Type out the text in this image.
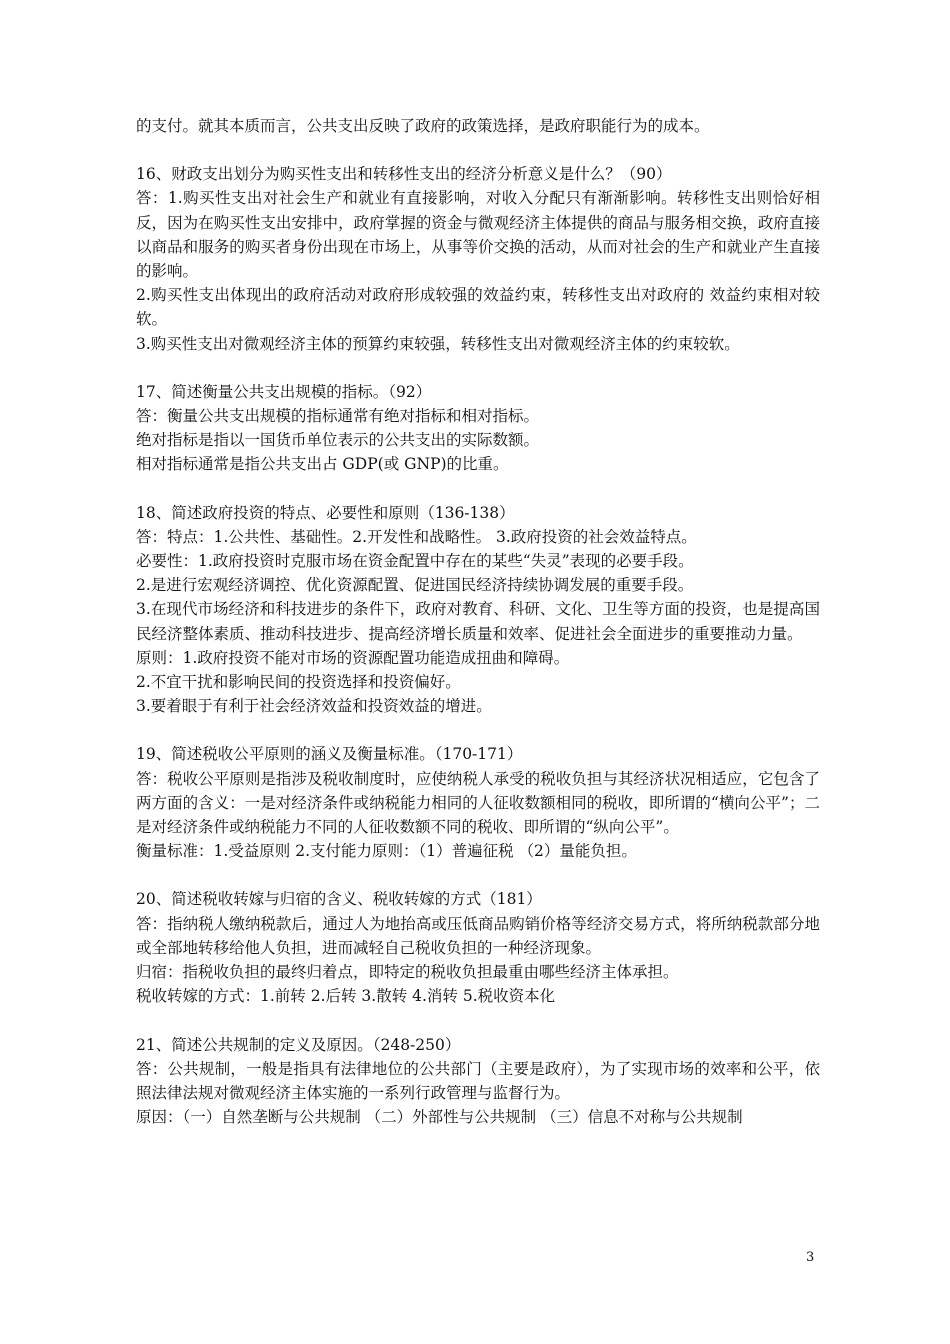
的支付。就其本质而言，公共支出反映了政府的政策选择，是政府职能行为的成本。

16、财政支出划分为购买性支出和转移性支出的经济分析意义是什么？（90）

答：1.购买性支出对社会生产和就业有直接影响，对收入分配只有渐渐影响。转移性支出则恰好相反，因为在购买性支出安排中，政府掌握的资金与微观经济主体提供的商品与服务相交换，政府直接以商品和服务的购买者身份出现在市场上，从事等价交换的活动，从而对社会的生产和就业产生直接的影响。

2.购买性支出体现出的政府活动对政府形成较强的效益约束，转移性支出对政府的 效益约束相对较软。

3.购买性支出对微观经济主体的预算约束较强，转移性支出对微观经济主体的约束较软。

17、简述衡量公共支出规模的指标。（92）

答：衡量公共支出规模的指标通常有绝对指标和相对指标。

绝对指标是指以一国货币单位表示的公共支出的实际数额。

相对指标通常是指公共支出占 GDP(或 GNP)的比重。

18、简述政府投资的特点、必要性和原则（136-138）

答：特点：1.公共性、基础性。2.开发性和战略性。 3.政府投资的社会效益特点。

必要性：1.政府投资时克服市场在资金配置中存在的某些“失灵”表现的必要手段。

2.是进行宏观经济调控、优化资源配置、促进国民经济持续协调发展的重要手段。

3.在现代市场经济和科技进步的条件下，政府对教育、科研、文化、卫生等方面的投资，也是提高国民经济整体素质、推动科技进步、提高经济增长质量和效率、促进社会全面进步的重要推动力量。

原则：1.政府投资不能对市场的资源配置功能造成扭曲和障碍。

2.不宜干扰和影响民间的投资选择和投资偏好。

3.要着眼于有利于社会经济效益和投资效益的增进。

19、简述税收公平原则的涵义及衡量标准。（170-171）

答：税收公平原则是指涉及税收制度时，应使纳税人承受的税收负担与其经济状况相适应，它包含了两方面的含义：一是对经济条件或纳税能力相同的人征收数额相同的税收，即所谓的“横向公平”；二是对经济条件或纳税能力不同的人征收数额不同的税收、即所谓的“纵向公平”。

衡量标准：1.受益原则 2.支付能力原则：（1）普遍征税 （2）量能负担。

20、简述税收转嫁与归宿的含义、税收转嫁的方式（181）

答：指纳税人缴纳税款后，通过人为地抬高或压低商品购销价格等经济交易方式，将所纳税款部分地或全部地转移给他人负担，进而减轻自己税收负担的一种经济现象。

归宿：指税收负担的最终归着点，即特定的税收负担最重由哪些经济主体承担。

税收转嫁的方式：1.前转 2.后转 3.散转 4.消转 5.税收资本化

21、简述公共规制的定义及原因。（248-250）

答：公共规制，一般是指具有法律地位的公共部门（主要是政府），为了实现市场的效率和公平，依照法律法规对微观经济主体实施的一系列行政管理与监督行为。

原因：（一）自然垄断与公共规制 （二）外部性与公共规制 （三）信息不对称与公共规制

3
